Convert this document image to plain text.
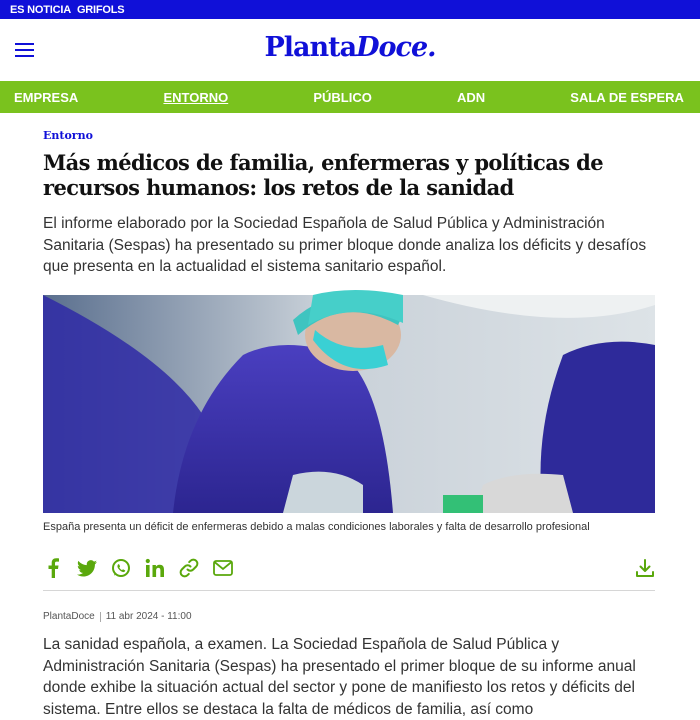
ES NOTICIA GRIFOLS
PlantaDoce.
EMPRESA	ENTORNO	PÚBLICO	ADN	SALA DE ESPERA
Entorno
Más médicos de familia, enfermeras y políticas de recursos humanos: los retos de la sanidad

El informe elaborado por la Sociedad Española de Salud Pública y Administración Sanitaria (Sespas) ha presentado su primer bloque donde analiza los déficits y desafíos que presenta en la actualidad el sistema sanitario español.

España presenta un déficit de enfermeras debido a malas condiciones laborales y falta de desarrollo profesional
PlantaDoce 11 abr 2024 - 11:00

La sanidad española, a examen. La Sociedad Española de Salud Pública y Administración Sanitaria (Sespas) ha presentado el primer bloque de su informe anual donde exhibe la situación actual del sector y pone de manifiesto los retos y déficits del sistema. Entre ellos se destaca la falta de médicos de familia, así como
